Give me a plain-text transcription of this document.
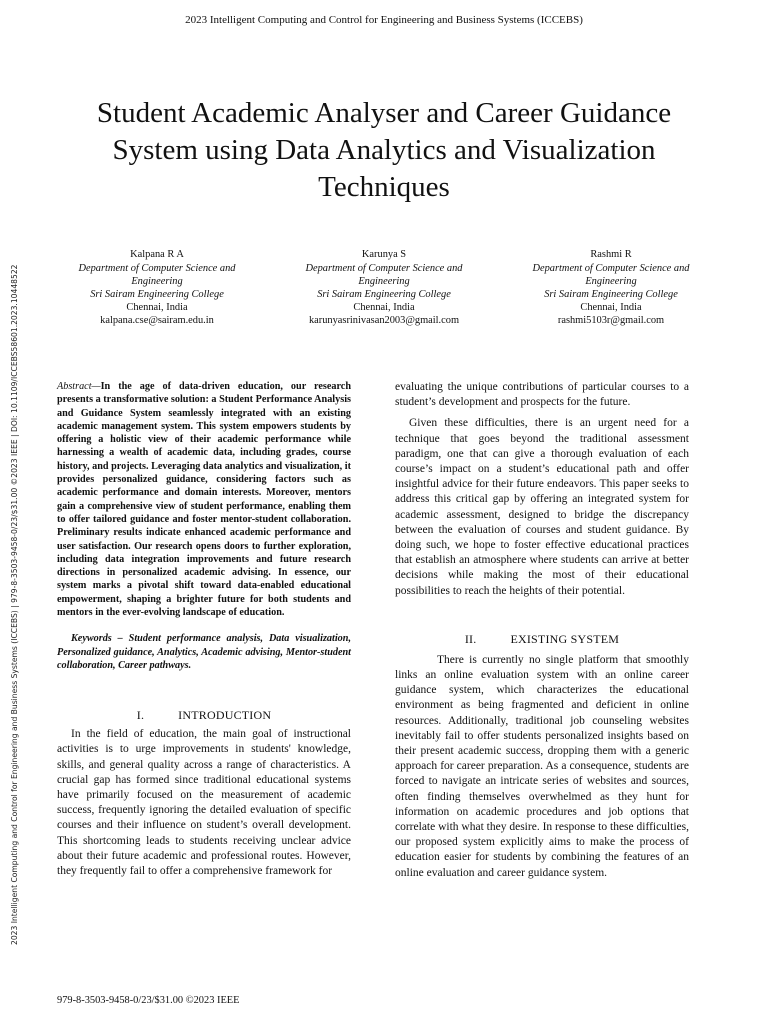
2023 Intelligent Computing and Control for Engineering and Business Systems (ICCEBS)
Student Academic Analyser and Career Guidance System using Data Analytics and Visualization Techniques
Kalpana R A
Department of Computer Science and Engineering
Sri Sairam Engineering College
Chennai, India
kalpana.cse@sairam.edu.in
Karunya S
Department of Computer Science and Engineering
Sri Sairam Engineering College
Chennai, India
karunyasrinivasan2003@gmail.com
Rashmi R
Department of Computer Science and Engineering
Sri Sairam Engineering College
Chennai, India
rashmi5103r@gmail.com
2023 Intelligent Computing and Control for Engineering and Business Systems (ICCEBS) | 979-8-3503-9458-0/23/$31.00 ©2023 IEEE | DOI: 10.1109/ICCEBS58601.2023.10448522	Abstract—In the age of data-driven education, our research presents a transformative solution: a Student Performance Analysis and Guidance System seamlessly integrated with an existing academic management system. This system empowers students by offering a holistic view of their academic performance while harnessing a wealth of academic data, including grades, course history, and projects. Leveraging data analytics and visualization, it provides personalized guidance, considering factors such as academic performance and domain interests. Moreover, mentors gain a comprehensive view of student performance, enabling them to offer tailored guidance and foster mentor-student collaboration. Preliminary results indicate enhanced academic performance and user satisfaction. Our research opens doors to further exploration, including data integration improvements and future research directions in personalized academic advising. In essence, our system marks a pivotal shift toward data-enabled educational empowerment, shaping a brighter future for both students and mentors in the ever-evolving landscape of education.

Keywords – Student performance analysis, Data visualization, Personalized guidance, Analytics, Academic advising, Mentor-student collaboration, Career pathways.

I.	INTRODUCTION

In the field of education, the main goal of instructional activities is to urge improvements in students' knowledge, skills, and general quality across a range of characteristics. A crucial gap has formed since traditional educational systems have primarily focused on the measurement of academic success, frequently ignoring the detailed evaluation of specific courses and their influence on student’s overall development. This shortcoming leads to students receiving unclear advice about their future academic and professional routes. However, they frequently fail to offer a comprehensive framework for

evaluating the unique contributions of particular courses to a student’s development and prospects for the future.

Given these difficulties, there is an urgent need for a technique that goes beyond the traditional assessment paradigm, one that can give a thorough evaluation of each course’s impact on a student’s educational path and offer insightful advice for their future endeavors. This paper seeks to address this critical gap by offering an integrated system for academic assessment, designed to bridge the discrepancy between the evaluation of courses and student guidance. By doing such, we hope to foster effective educational practices that establish an atmosphere where students can arrive at better decisions while making the most of their educational possibilities to reach the heights of their potential.

II.	EXISTING SYSTEM

There is currently no single platform that smoothly links an online evaluation system with an online career guidance system, which characterizes the educational environment as being fragmented and deficient in online resources. Additionally, traditional job counseling websites inevitably fail to offer students personalized insights based on their present academic success, dropping them with a generic approach for career preparation. As a consequence, students are forced to navigate an intricate series of websites and sources, often finding themselves overwhelmed as they hunt for information on academic procedures and job options that correlate with what they desire. In response to these difficulties, our proposed system explicitly aims to make the process of education easier for students by combining the features of an online evaluation and career guidance system.

979-8-3503-9458-0/23/$31.00 ©2023 IEEE
